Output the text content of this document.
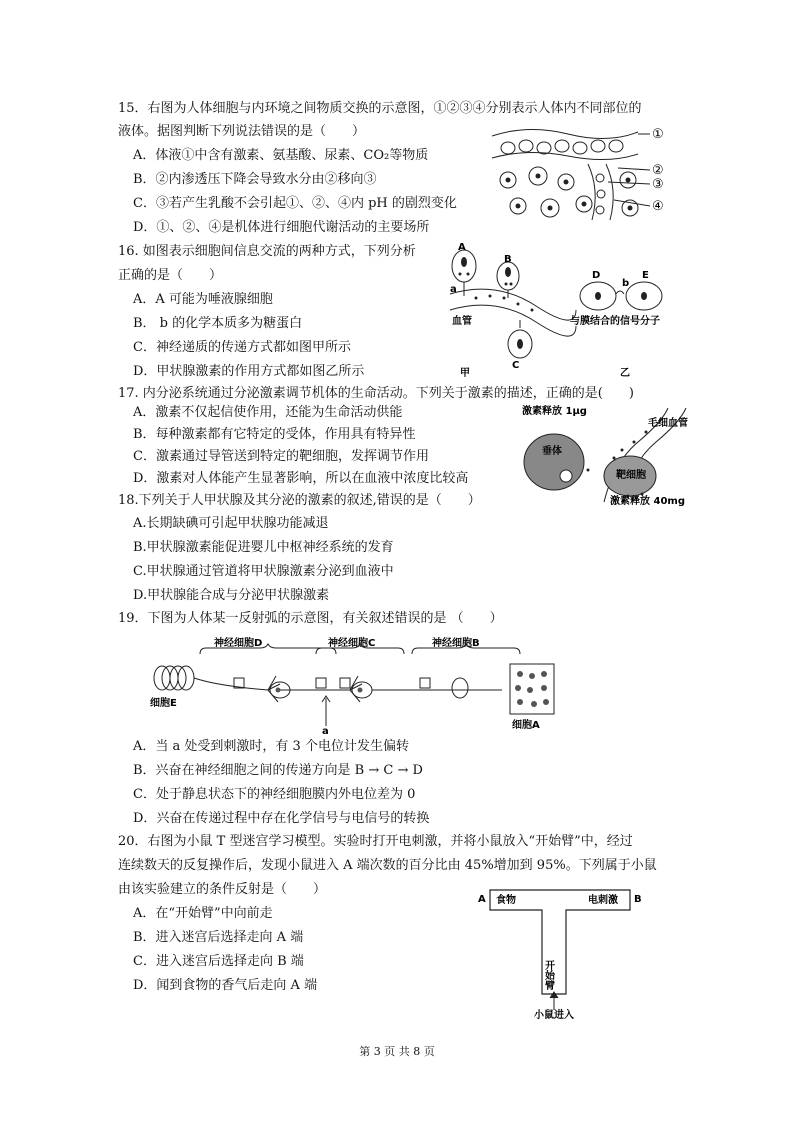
15．右图为人体细胞与内环境之间物质交换的示意图，①②③④分别表示人体内不同部位的
液体。据图判断下列说法错误的是（　　）
A．体液①中含有激素、氨基酸、尿素、CO₂等物质
B．②内渗透压下降会导致水分由②移向③
C．③若产生乳酸不会引起①、②、④内 pH 的剧烈变化
D．①、②、④是机体进行细胞代谢活动的主要场所
①
②
③
④
16. 如图表示细胞间信息交流的两种方式，下列分析
正确的是（　　）
A．A 可能为唾液腺细胞
B． b 的化学本质多为糖蛋白
C．神经递质的传递方式都如图甲所示
D．甲状腺激素的作用方式都如图乙所示
A
B
C
a
血管
D	E
b
与膜结合的信号分子
甲	乙
17. 内分泌系统通过分泌激素调节机体的生命活动。下列关于激素的描述，正确的是(　　)
A．激素不仅起信使作用，还能为生命活动供能
B．每种激素都有它特定的受体，作用具有特异性
C．激素通过导管送到特定的靶细胞，发挥调节作用
D．激素对人体能产生显著影响，所以在血液中浓度比较高
激素释放 1μg
毛细血管
垂体
靶细胞
激素释放 40mg
18.下列关于人甲状腺及其分泌的激素的叙述,错误的是（　　）
A.长期缺碘可引起甲状腺功能减退
B.甲状腺激素能促进婴儿中枢神经系统的发育
C.甲状腺通过管道将甲状腺激素分泌到血液中
D.甲状腺能合成与分泌甲状腺激素
19．下图为人体某一反射弧的示意图，有关叙述错误的是 （　　）
神经细胞D	神经细胞C	神经细胞B
细胞E
细胞A
a
A．当 a 处受到刺激时，有 3 个电位计发生偏转
B．兴奋在神经细胞之间的传递方向是 B → C → D
C．处于静息状态下的神经细胞膜内外电位差为 0
D．兴奋在传递过程中存在化学信号与电信号的转换
20．右图为小鼠 T 型迷宫学习模型。实验时打开电刺激，并将小鼠放入“开始臂”中，经过
连续数天的反复操作后，发现小鼠进入 A 端次数的百分比由 45%增加到 95%。下列属于小鼠
由该实验建立的条件反射是（　　）
A．在“开始臂”中向前走
B．进入迷宫后选择走向 A 端
C．进入迷宫后选择走向 B 端
D．闻到食物的香气后走向 A 端
A	B
食物	电刺激
开始臂
小鼠进入
第 3 页 共 8 页
